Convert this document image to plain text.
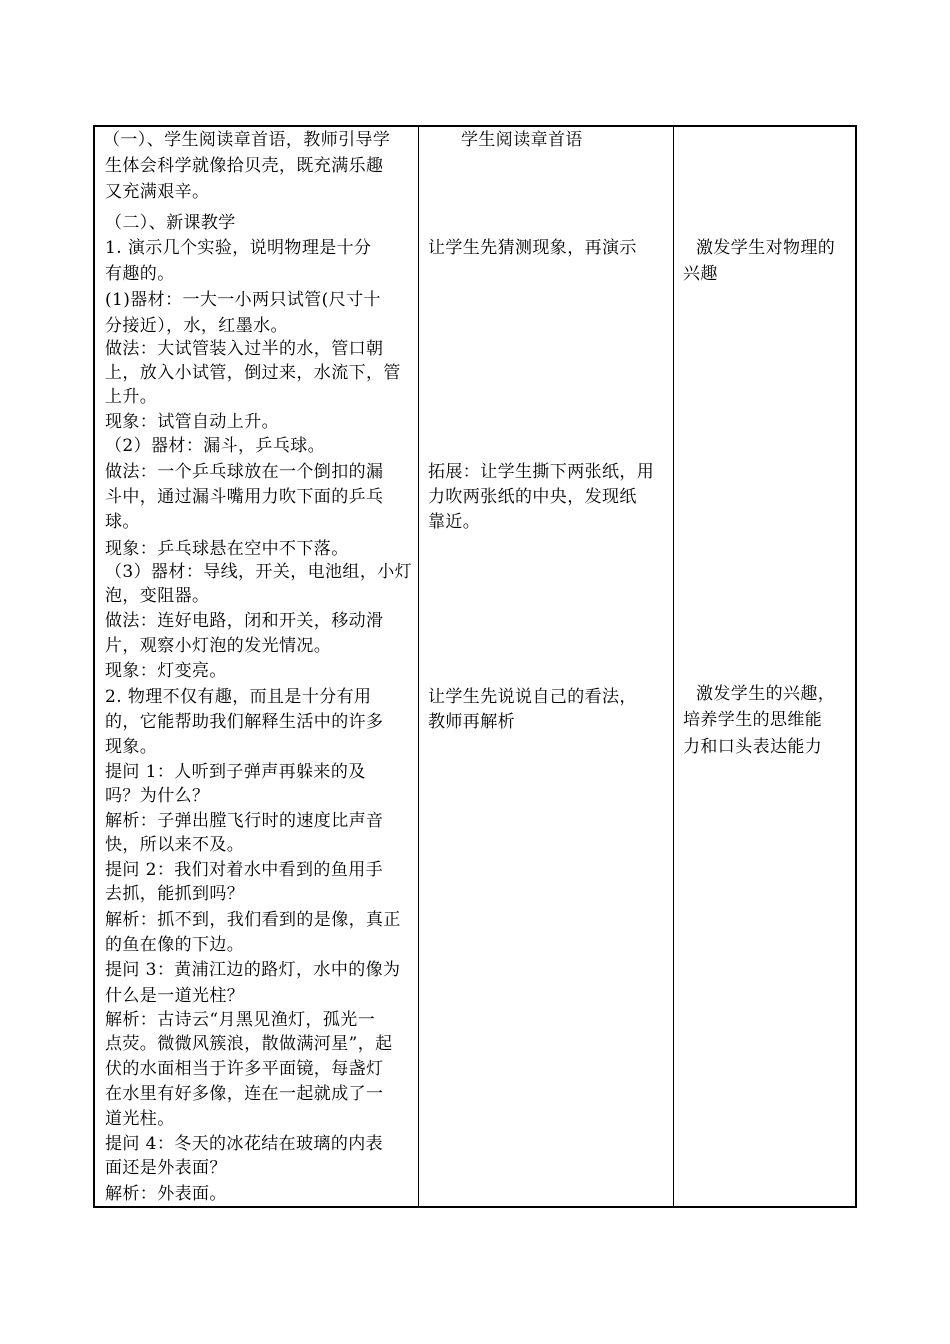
（一）、学生阅读章首语，教师引导学
生体会科学就像拾贝壳，既充满乐趣
又充满艰辛。
（二）、新课教学
1. 演示几个实验，说明物理是十分
有趣的。
(1)器材：一大一小两只试管(尺寸十
分接近），水，红墨水。
做法：大试管装入过半的水，管口朝
上，放入小试管，倒过来，水流下，管
上升。
现象：试管自动上升。
（2）器材：漏斗，乒乓球。
做法：一个乒乓球放在一个倒扣的漏
斗中，通过漏斗嘴用力吹下面的乒乓
球。
现象：乒乓球悬在空中不下落。
（3）器材：导线，开关，电池组，小灯
泡，变阻器。
做法：连好电路，闭和开关，移动滑
片，观察小灯泡的发光情况。
现象：灯变亮。
2. 物理不仅有趣，而且是十分有用
的，它能帮助我们解释生活中的许多
现象。
提问 1：人听到子弹声再躲来的及
吗？为什么？
解析：子弹出膛飞行时的速度比声音
快，所以来不及。
提问 2：我们对着水中看到的鱼用手
去抓，能抓到吗？
解析：抓不到，我们看到的是像，真正
的鱼在像的下边。
提问 3：黄浦江边的路灯，水中的像为
什么是一道光柱？
解析：古诗云“月黑见渔灯，孤光一
点荧。微微风簇浪，散做满河星”，起
伏的水面相当于许多平面镜，每盏灯
在水里有好多像，连在一起就成了一
道光柱。
提问 4：冬天的冰花结在玻璃的内表
面还是外表面？
解析：外表面。
学生阅读章首语
让学生先猜测现象，再演示
拓展：让学生撕下两张纸，用
力吹两张纸的中央，发现纸
靠近。
让学生先说说自己的看法，
教师再解析
激发学生对物理的
兴趣
激发学生的兴趣，
培养学生的思维能
力和口头表达能力
